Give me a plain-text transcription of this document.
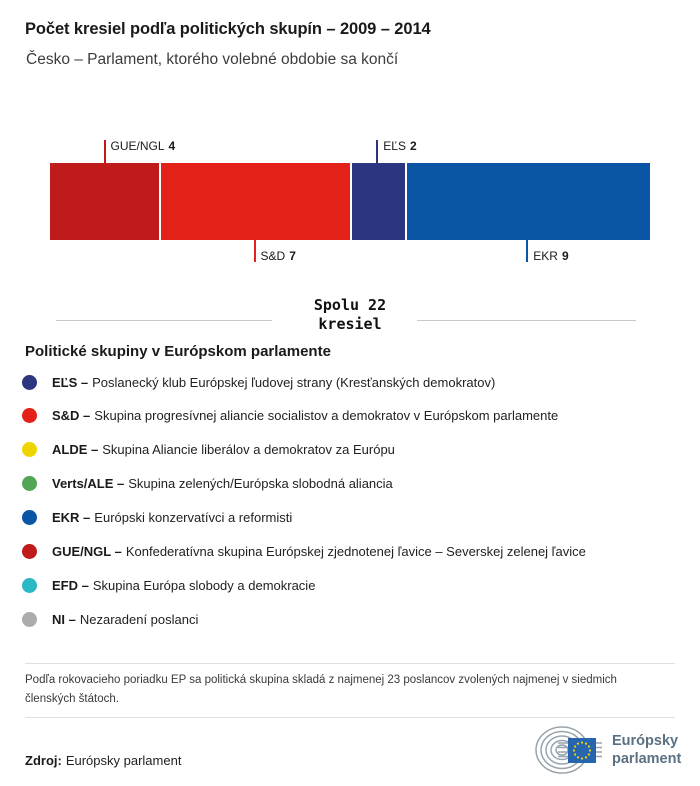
Počet kresiel podľa politických skupín – 2009 – 2014
Česko – Parlament, ktorého volebné obdobie sa končí
GUE/NGL 4
S&D 7
EĽS 2
EKR 9
Spolu 22
kresiel
Politické skupiny v Európskom parlamente
EĽS – Poslanecký klub Európskej ľudovej strany (Kresťanských demokratov)
S&D – Skupina progresívnej aliancie socialistov a demokratov v Európskom parlamente
ALDE – Skupina Aliancie liberálov a demokratov za Európu
Verts/ALE – Skupina zelených/Európska slobodná aliancia
EKR – Európski konzervatívci a reformisti
GUE/NGL – Konfederatívna skupina Európskej zjednotenej ľavice – Severskej zelenej ľavice
EFD – Skupina Európa slobody a demokracie
NI – Nezaradení poslanci
Podľa rokovacieho poriadku EP sa politická skupina skladá z najmenej 23 poslancov zvolených najmenej v siedmich členských štátoch.
Zdroj: Európsky parlament
Európsky
parlament
